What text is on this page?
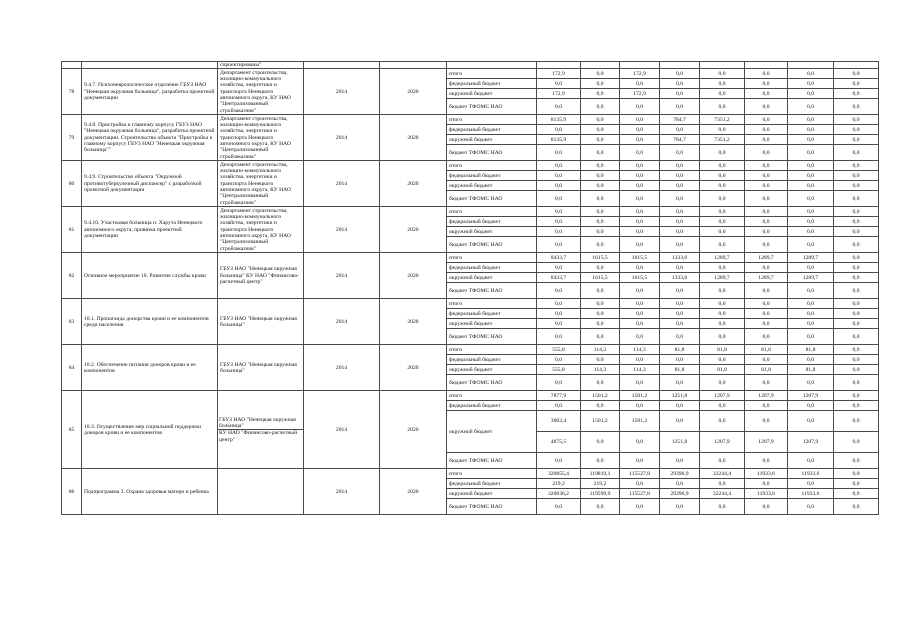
		спроектированы"											
78	9.4.7. Психоневрологическое отделение ГБУЗ НАО "Ненецкая окружная больница", разработка проектной документации	Департамент строительства, жилищно-коммунального хозяйства, энергетики и транспорта Ненецкого автономного округа, КУ НАО "Централизованный стройзаказчик"	2014	2020	итого	172,9	0,0	172,9	0,0	0,0	0,0	0,0	0,0
					федеральный бюджет	0,0	0,0	0,0	0,0	0,0	0,0	0,0	0,0
					окружной бюджет	172,9	0,0	172,9	0,0	0,0	0,0	0,0	0,0
					бюджет ТФОМС НАО	0,0	0,0	0,0	0,0	0,0	0,0	0,0	0,0
79	9.4.8. Пристройка к главному корпусу ГБУЗ НАО "Ненецкая окружная больница", разработка проектной документации. Строительство объекта "Пристройка к главному корпусу ГБУЗ НАО "Ненецкая окружная больница""	Департамент строительства, жилищно-коммунального хозяйства, энергетики и транспорта Ненецкого автономного округа, КУ НАО "Централизованный стройзаказчик"	2014	2020	итого	8135,9	0,0	0,0	784,7	7351,2	0,0	0,0	0,0
					федеральный бюджет	0,0	0,0	0,0	0,0	0,0	0,0	0,0	0,0
					окружной бюджет	8135,9	0,0	0,0	784,7	7351,2	0,0	0,0	0,0
					бюджет ТФОМС НАО	0,0	0,0	0,0	0,0	0,0	0,0	0,0	0,0
80	9.4.9. Строительство объекта "Окружной противотуберкулезный диспансер" с разработкой проектной документации	Департамент строительства, жилищно-коммунального хозяйства, энергетики и транспорта Ненецкого автономного округа, КУ НАО "Централизованный стройзаказчик"	2014	2020	итого	0,0	0,0	0,0	0,0	0,0	0,0	0,0	0,0
					федеральный бюджет	0,0	0,0	0,0	0,0	0,0	0,0	0,0	0,0
					окружной бюджет	0,0	0,0	0,0	0,0	0,0	0,0	0,0	0,0
					бюджет ТФОМС НАО	0,0	0,0	0,0	0,0	0,0	0,0	0,0	0,0
81	9.4.10. Участковая больница п. Харута Ненецкого автономного округа, привязка проектной документации	Департамент строительства, жилищно-коммунального хозяйства, энергетики и транспорта Ненецкого автономного округа, КУ НАО "Централизованный стройзаказчик"	2014	2020	итого	0,0	0,0	0,0	0,0	0,0	0,0	0,0	0,0
					федеральный бюджет	0,0	0,0	0,0	0,0	0,0	0,0	0,0	0,0
					окружной бюджет	0,0	0,0	0,0	0,0	0,0	0,0	0,0	0,0
					бюджет ТФОМС НАО	0,0	0,0	0,0	0,0	0,0	0,0	0,0	0,0
82	Основное мероприятие 10. Развитие службы крови	ГБУЗ НАО "Ненецкая окружная больница" КУ НАО "Финансово-расчетный центр"	2014	2020	итого	8433,7	1615,5	1615,5	1333,6	1289,7	1289,7	1289,7	0,0
					федеральный бюджет	0,0	0,0	0,0	0,0	0,0	0,0	0,0	0,0
					окружной бюджет	8433,7	1615,5	1615,5	1333,6	1289,7	1289,7	1289,7	0,0
					бюджет ТФОМС НАО	0,0	0,0	0,0	0,0	0,0	0,0	0,0	0,0
83	10.1. Пропаганда донорства крови и ее компонентов среди населения	ГБУЗ НАО "Ненецкая окружная больница"	2014	2020	итого	0,0	0,0	0,0	0,0	0,0	0,0	0,0	0,0
					федеральный бюджет	0,0	0,0	0,0	0,0	0,0	0,0	0,0	0,0
					окружной бюджет	0,0	0,0	0,0	0,0	0,0	0,0	0,0	0,0
					бюджет ТФОМС НАО	0,0	0,0	0,0	0,0	0,0	0,0	0,0	0,0
84	10.2. Обеспечение питания доноров крови и ее компонентов	ГБУЗ НАО "Ненецкая окружная больница"	2014	2020	итого	555,8	114,3	114,3	81,8	81,8	81,8	81,8	0,0
					федеральный бюджет	0,0	0,0	0,0	0,0	0,0	0,0	0,0	0,0
					окружной бюджет	555,8	114,3	114,3	81,8	81,8	81,8	81,8	0,0
					бюджет ТФОМС НАО	0,0	0,0	0,0	0,0	0,0	0,0	0,0	0,0
85	10.3. Осуществление мер социальной поддержки доноров крови и ее компонентов	ГБУЗ НАО "Ненецкая окружная больница"
КУ НАО "Финансово-расчетный центр"	2014	2020	итого	7877,9	1501,2	1501,2	1251,8	1207,9	1207,9	1207,9	0,0
					федеральный бюджет	0,0	0,0	0,0	0,0	0,0	0,0	0,0	0,0
					окружной бюджет	3002,4	1501,2	1501,2	0,0	0,0	0,0	0,0	0,0
						4875,5	0,0	0,0	1251,8	1207,9	1207,9	1207,9	0,0
					бюджет ТФОМС НАО	0,0	0,0	0,0	0,0	0,0	0,0	0,0	0,0
86	Подпрограмма 3. Охрана здоровья матери и ребенка		2014	2020	итого	320855,4	119819,1	115527,8	29396,9	32244,4	11933,6	11933,6	0,0
					федеральный бюджет	219,2	219,2	0,0	0,0	0,0	0,0	0,0	0,0
					окружной бюджет	320636,2	119599,9	115527,8	29396,9	32244,4	11933,6	11933,6	0,0
					бюджет ТФОМС НАО	0,0	0,0	0,0	0,0	0,0	0,0	0,0	0,0
